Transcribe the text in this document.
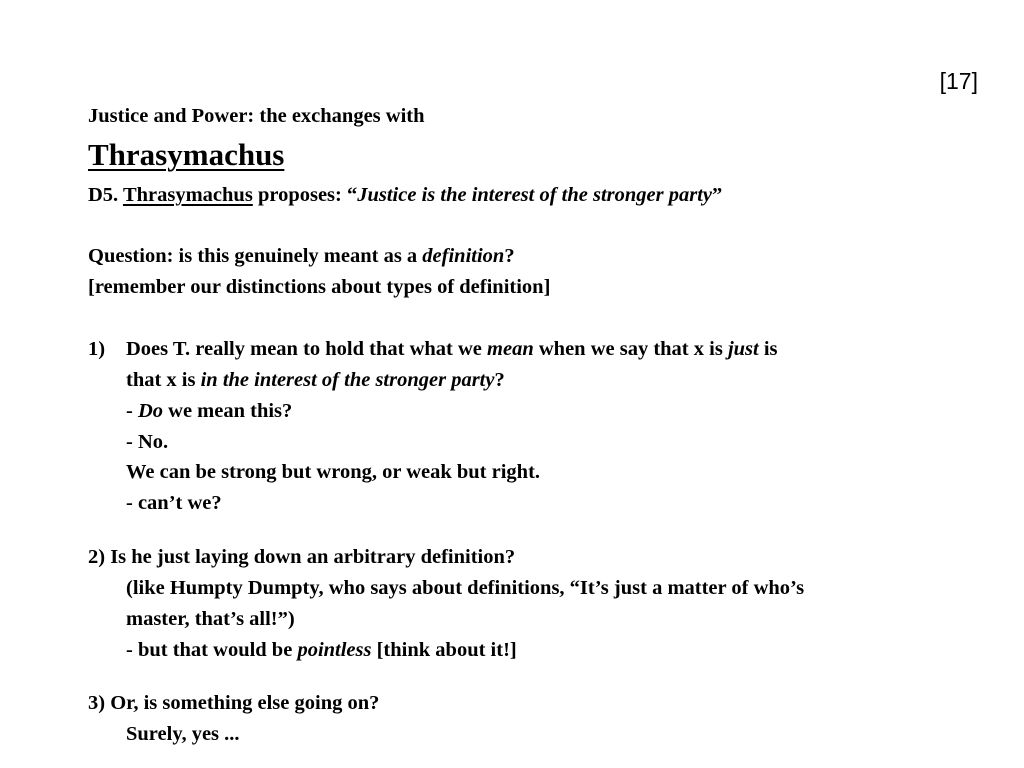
[17]
Justice and Power: the exchanges with
Thrasymachus
D5. Thrasymachus proposes: “Justice is the interest of the stronger party”
Question: is this genuinely meant as a definition?
[remember our distinctions about types of definition]
1) Does T. really mean to hold that what we mean when we say that x is just is
that x is in the interest of the stronger party?
- Do we mean this?
- No.
We can be strong but wrong, or weak but right.
- can’t we?
2) Is he just laying down an arbitrary definition?
(like Humpty Dumpty, who says about definitions, “It’s just a matter of who’s
master, that’s all!”)
- but that would be pointless [think about it!]
3) Or, is something else going on?
Surely, yes ...
